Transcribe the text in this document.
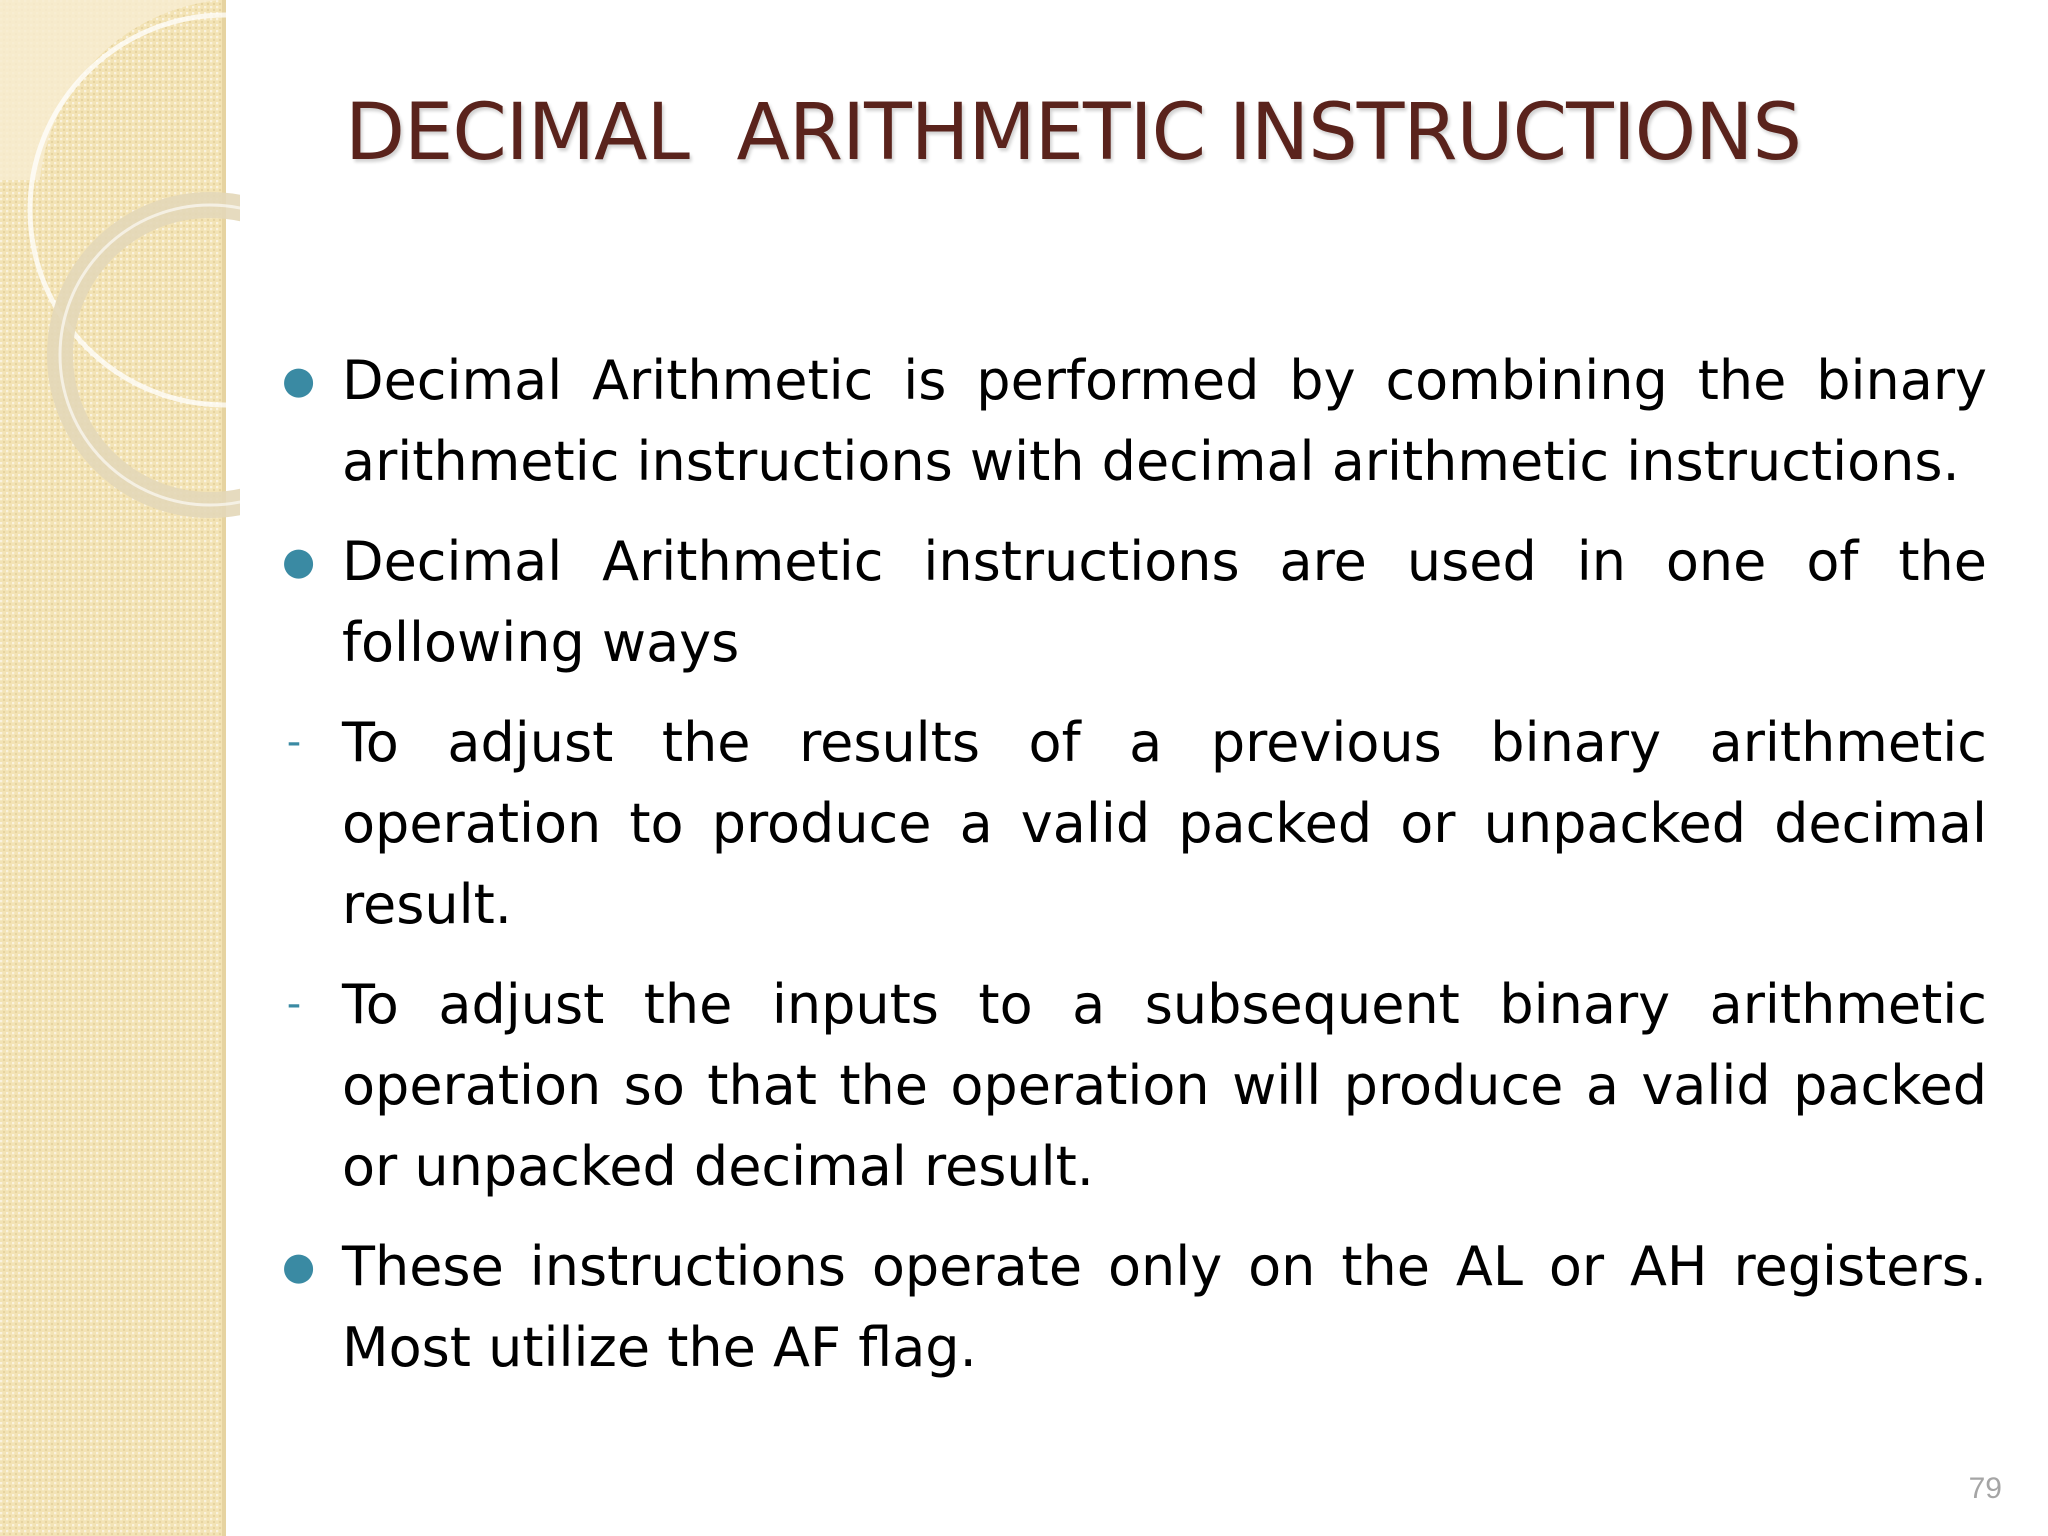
DECIMAL  ARITHMETIC INSTRUCTIONS
● Decimal Arithmetic is performed by combining the binary arithmetic instructions with decimal arithmetic instructions.
● Decimal Arithmetic instructions are used in one of the following ways
- To adjust the results of a previous binary arithmetic operation to produce a valid packed or unpacked decimal result.
- To adjust the inputs to a subsequent binary arithmetic operation so that the operation will produce a valid packed or unpacked decimal result.
● These instructions operate only on the AL or AH registers. Most utilize the AF flag.
79
